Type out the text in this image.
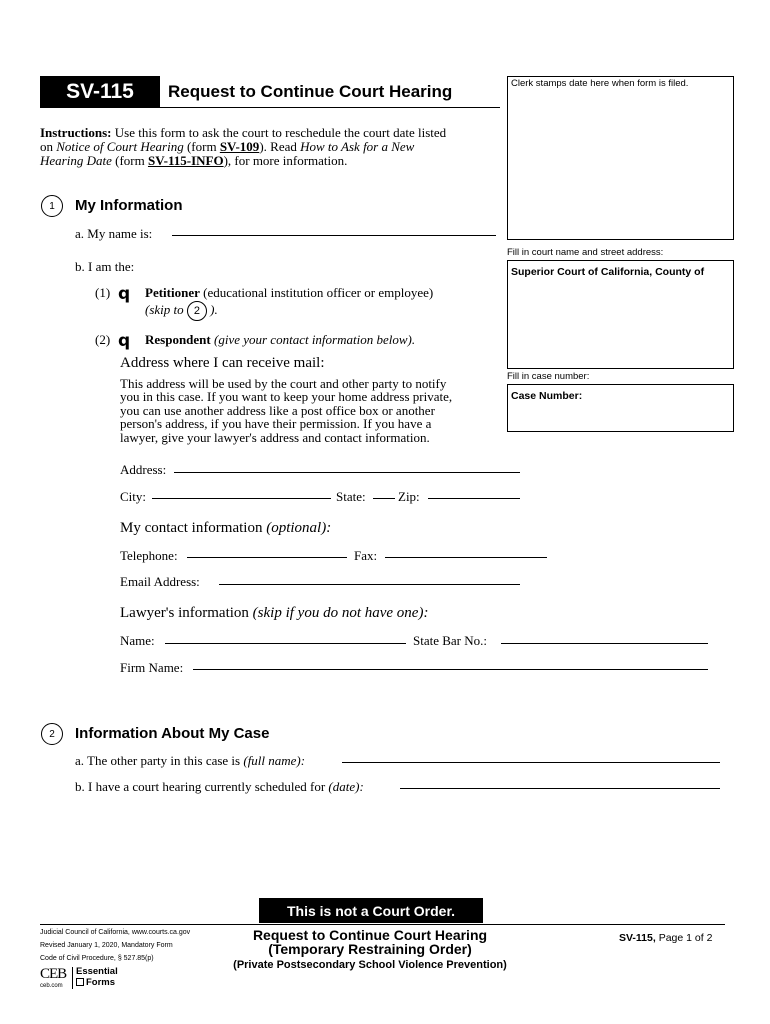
SV-115	Request to Continue Court Hearing
Instructions: Use this form to ask the court to reschedule the court date listed
on Notice of Court Hearing (form SV-109). Read How to Ask for a New
Hearing Date (form SV-115-INFO), for more information.
Clerk stamps date here when form is filed.
Fill in court name and street address:
Superior Court of California, County of
Fill in case number:
Case Number:
1	My Information
a. My name is:
b. I am the:
(1) q Petitioner (educational institution officer or employee)
(skip to 2 ).
(2) q Respondent (give your contact information below).
Address where I can receive mail:
This address will be used by the court and other party to notify
you in this case. If you want to keep your home address private,
you can use another address like a post office box or another
person's address, if you have their permission. If you have a
lawyer, give your lawyer's address and contact information.
Address:
City:	State: Zip:
My contact information (optional):
Telephone:	Fax:
Email Address:
Lawyer's information (skip if you do not have one):
Name:	State Bar No.:
Firm Name:
2	Information About My Case
a. The other party in this case is (full name):
b. I have a court hearing currently scheduled for (date):
This is not a Court Order.
Judicial Council of California, www.courts.ca.gov
Revised January 1, 2020, Mandatory Form
Code of Civil Procedure, § 527.85(p)
CEB
ceb.com
Essential
Forms
Request to Continue Court Hearing
(Temporary Restraining Order)
(Private Postsecondary School Violence Prevention)
SV-115, Page 1 of 2
